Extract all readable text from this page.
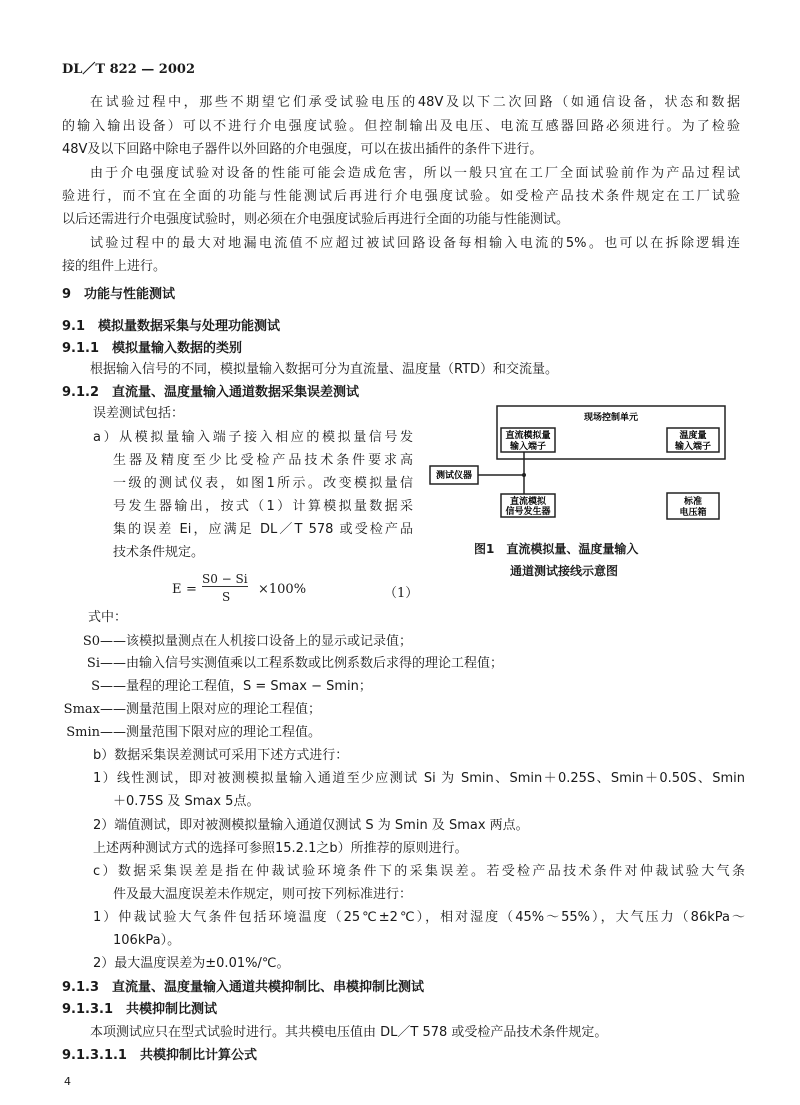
DL／T 822 — 2002
在试验过程中，那些不期望它们承受试验电压的48V及以下二次回路（如通信设备，状态和数据
的输入输出设备）可以不进行介电强度试验。但控制输出及电压、电流互感器回路必须进行。为了检验
48V及以下回路中除电子器件以外回路的介电强度，可以在拔出插件的条件下进行。
由于介电强度试验对设备的性能可能会造成危害，所以一般只宜在工厂全面试验前作为产品过程试
验进行，而不宜在全面的功能与性能测试后再进行介电强度试验。如受检产品技术条件规定在工厂试验
以后还需进行介电强度试验时，则必须在介电强度试验后再进行全面的功能与性能测试。
试验过程中的最大对地漏电流值不应超过被试回路设备每相输入电流的5%。也可以在拆除逻辑连
接的组件上进行。
9　功能与性能测试
9.1　模拟量数据采集与处理功能测试
9.1.1　模拟量输入数据的类别
根据输入信号的不同，模拟量输入数据可分为直流量、温度量（RTD）和交流量。
9.1.2　直流量、温度量输入通道数据采集误差测试
误差测试包括：
a）从模拟量输入端子接入相应的模拟量信号发
生器及精度至少比受检产品技术条件要求高
一级的测试仪表，如图1所示。改变模拟量信
号发生器输出，按式（1）计算模拟量数据采
集的误差 Ei，应满足 DL／T 578 或受检产品
技术条件规定。
E =
S0 − Si
S ×100%	（1）
式中：
S0 ——该模拟量测点在人机接口设备上的显示或记录值；
Si ——由输入信号实测值乘以工程系数或比例系数后求得的理论工程值；
S ——量程的理论工程值，S = Smax − Smin；
Smax ——测量范围上限对应的理论工程值；
Smin ——测量范围下限对应的理论工程值。
b）数据采集误差测试可采用下述方式进行：
1）线性测试，即对被测模拟量输入通道至少应测试 Si 为 Smin、Smin＋0.25S、Smin＋0.50S、Smin
＋0.75S 及 Smax 5点。
2）端值测试，即对被测模拟量输入通道仅测试 S 为 Smin 及 Smax 两点。
上述两种测试方式的选择可参照15.2.1之b）所推荐的原则进行。
c）数据采集误差是指在仲裁试验环境条件下的采集误差。若受检产品技术条件对仲裁试验大气条
件及最大温度误差未作规定，则可按下列标准进行：
1）仲裁试验大气条件包括环境温度（25℃±2℃），相对湿度（45%～55%），大气压力（86kPa～
106kPa）。
2）最大温度误差为±0.01%/℃。
9.1.3　直流量、温度量输入通道共模抑制比、串模抑制比测试
9.1.3.1　共模抑制比测试
本项测试应只在型式试验时进行。其共模电压值由 DL／T 578 或受检产品技术条件规定。
9.1.3.1.1　共模抑制比计算公式
4
现场控制单元
直流模拟量
输入端子
温度量
输入端子
测试仪器
直流模拟
信号发生器
标准
电压箱
图1　直流模拟量、温度量输入
通道测试接线示意图
